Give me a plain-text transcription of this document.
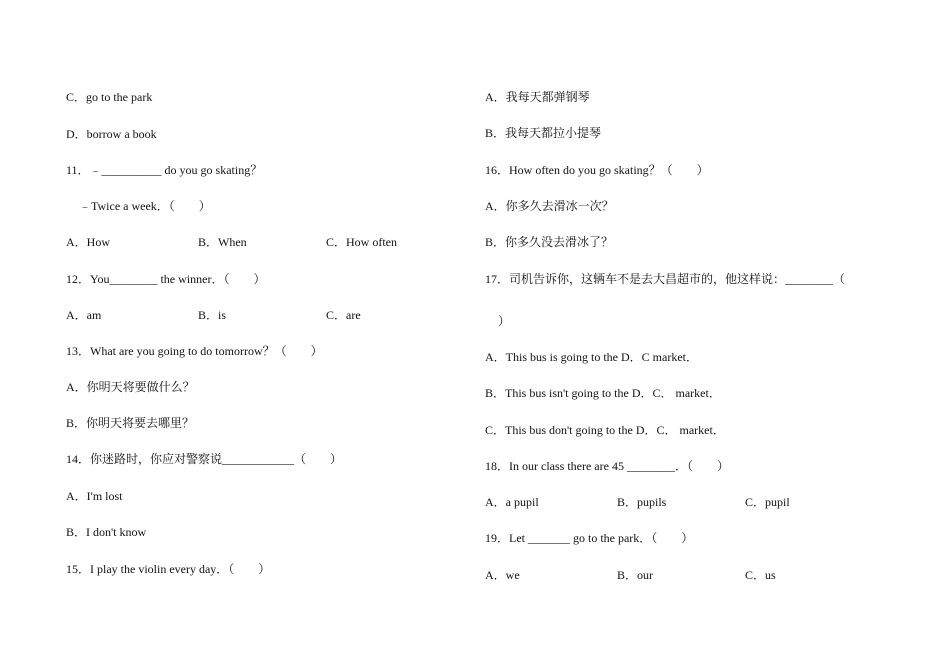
C．go to the park
D．borrow a book
11．﹣__________ do you go skating？
﹣Twice a week．（　　）
A．How	B．When	C．How often
12．You________ the winner．（　　）
A．am	B．is	C．are
13．What are you going to do tomorrow？（　　）
A．你明天将要做什么？
B．你明天将要去哪里？
14．你迷路时，你应对警察说____________（　　）
A．I'm lost
B．I don't know
15．I play the violin every day．（　　）
A．我每天都弹钢琴
B．我每天都拉小提琴
16．How often do you go skating？（　　）
A．你多久去滑冰一次？
B．你多久没去滑冰了？
17．司机告诉你，这辆车不是去大昌超市的，他这样说：________（
）
A．This bus is going to the D．C market．
B．This bus isn't going to the D．C． market．
C．This bus don't going to the D．C． market．
18．In our class there are 45 ________．（　　）
A．a pupil	B．pupils	C．pupil
19．Let _______ go to the park．（　　）
A．we	B．our	C．us
